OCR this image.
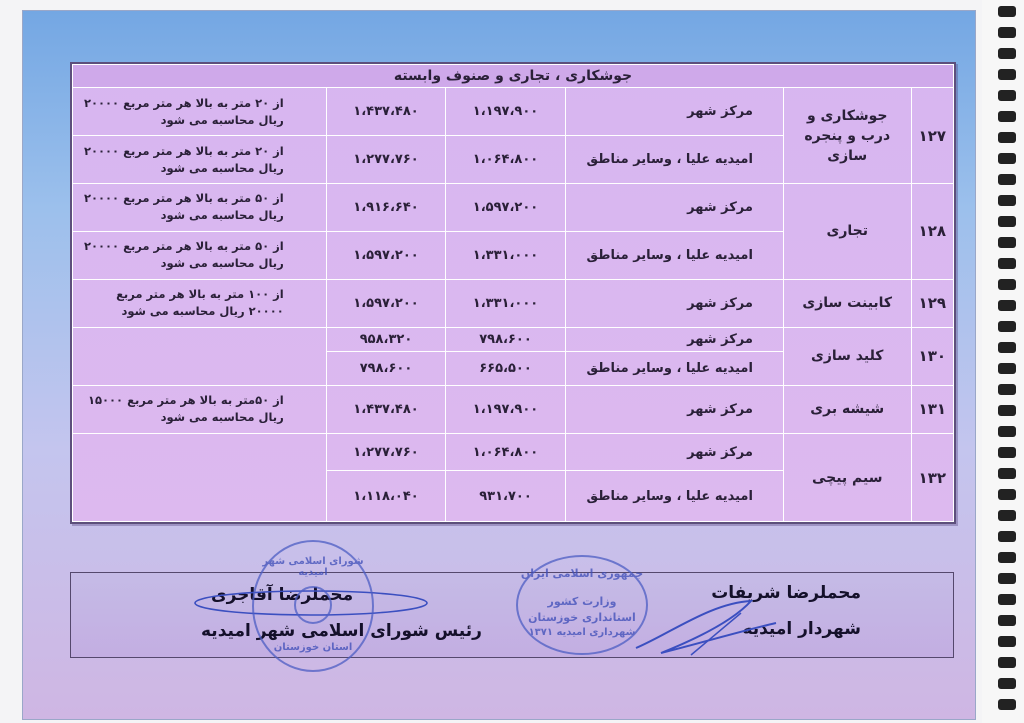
جوشکاری ، تجاری و صنوف وابسته					
۱۲۷	جوشکاری و درب و پنجره سازی	مرکز شهر	۱،۱۹۷،۹۰۰	۱،۴۳۷،۴۸۰	از ۲۰ متر به بالا هر متر مربع ۲۰۰۰۰ ریال محاسبه می شود
		امیدیه علیا ، وسایر مناطق	۱،۰۶۴،۸۰۰	۱،۲۷۷،۷۶۰	از ۲۰ متر به بالا هر متر مربع ۲۰۰۰۰ ریال محاسبه می شود
۱۲۸	تجاری	مرکز شهر	۱،۵۹۷،۲۰۰	۱،۹۱۶،۶۴۰	از ۵۰ متر به بالا هر متر مربع ۲۰۰۰۰ ریال محاسبه می شود
		امیدیه علیا ، وسایر مناطق	۱،۳۳۱،۰۰۰	۱،۵۹۷،۲۰۰	از ۵۰ متر به بالا هر متر مربع ۲۰۰۰۰ ریال محاسبه می شود
۱۲۹	کابینت سازی	مرکز شهر	۱،۳۳۱،۰۰۰	۱،۵۹۷،۲۰۰	از ۱۰۰ متر به بالا هر متر مربع ۲۰۰۰۰ ریال محاسبه می شود
۱۳۰	کلید سازی	مرکز شهر	۷۹۸،۶۰۰	۹۵۸،۳۲۰	
		امیدیه علیا ، وسایر مناطق	۶۶۵،۵۰۰	۷۹۸،۶۰۰	
۱۳۱	شیشه بری	مرکز شهر	۱،۱۹۷،۹۰۰	۱،۴۳۷،۴۸۰	از ۵۰متر به بالا هر متر مربع ۱۵۰۰۰ ریال محاسبه می شود
۱۳۲	سیم پیچی	مرکز شهر	۱،۰۶۴،۸۰۰	۱،۲۷۷،۷۶۰	
		امیدیه علیا ، وسایر مناطق	۹۳۱،۷۰۰	۱،۱۱۸،۰۴۰	
محملرضا شریفات
شهردار امیدیه
محملرضا آقاجری
رئیس شورای اسلامی شهر امیدیه
جمهوری اسلامی ایران
وزارت کشور
استانداری خوزستان
شهرداری امیدیه ۱۳۷۱
شورای اسلامی شهر امیدیه
استان خوزستان
